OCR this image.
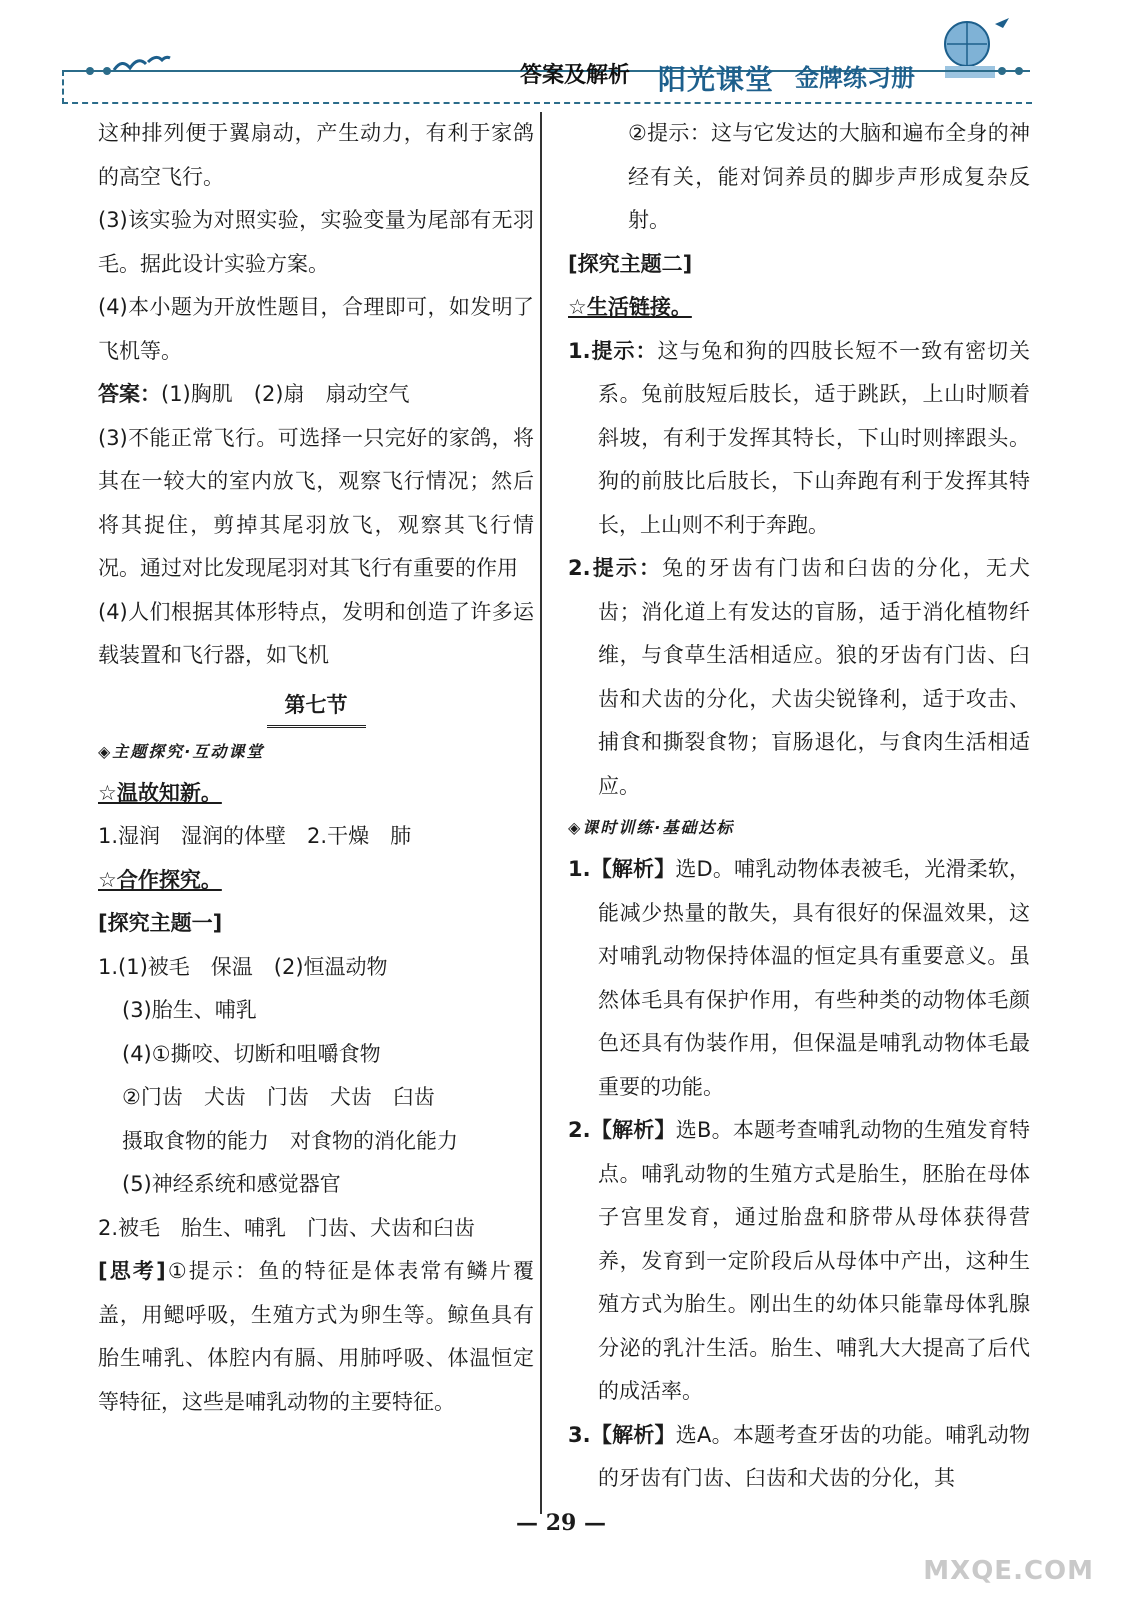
答案及解析 阳光课堂 金牌练习册

这种排列便于翼扇动，产生动力，有利于家鸽的高空飞行。

(3)该实验为对照实验，实验变量为尾部有无羽毛。据此设计实验方案。

(4)本小题为开放性题目，合理即可，如发明了飞机等。

答案：(1)胸肌　(2)扇　扇动空气

(3)不能正常飞行。可选择一只完好的家鸽，将其在一较大的室内放飞，观察飞行情况；然后将其捉住，剪掉其尾羽放飞，观察其飞行情况。通过对比发现尾羽对其飞行有重要的作用

(4)人们根据其体形特点，发明和创造了许多运载装置和飞行器，如飞机

第七节

◈主题探究·互动课堂

☆温故知新。

1.湿润　湿润的体壁　2.干燥　肺

☆合作探究。

[探究主题一]

1.(1)被毛　保温　(2)恒温动物

(3)胎生、哺乳

(4)①撕咬、切断和咀嚼食物

②门齿　犬齿　门齿　犬齿　臼齿

摄取食物的能力　对食物的消化能力

(5)神经系统和感觉器官

2.被毛　胎生、哺乳　门齿、犬齿和臼齿

[思考]①提示：鱼的特征是体表常有鳞片覆盖，用鳃呼吸，生殖方式为卵生等。鲸鱼具有胎生哺乳、体腔内有膈、用肺呼吸、体温恒定等特征，这些是哺乳动物的主要特征。

②提示：这与它发达的大脑和遍布全身的神经有关，能对饲养员的脚步声形成复杂反射。

[探究主题二]

☆生活链接。

1.提示：这与兔和狗的四肢长短不一致有密切关系。兔前肢短后肢长，适于跳跃，上山时顺着斜坡，有利于发挥其特长，下山时则摔跟头。狗的前肢比后肢长，下山奔跑有利于发挥其特长，上山则不利于奔跑。

2.提示：兔的牙齿有门齿和臼齿的分化，无犬齿；消化道上有发达的盲肠，适于消化植物纤维，与食草生活相适应。狼的牙齿有门齿、臼齿和犬齿的分化，犬齿尖锐锋利，适于攻击、捕食和撕裂食物；盲肠退化，与食肉生活相适应。

◈课时训练·基础达标

1.【解析】选D。哺乳动物体表被毛，光滑柔软，能减少热量的散失，具有很好的保温效果，这对哺乳动物保持体温的恒定具有重要意义。虽然体毛具有保护作用，有些种类的动物体毛颜色还具有伪装作用，但保温是哺乳动物体毛最重要的功能。

2.【解析】选B。本题考查哺乳动物的生殖发育特点。哺乳动物的生殖方式是胎生，胚胎在母体子宫里发育，通过胎盘和脐带从母体获得营养，发育到一定阶段后从母体中产出，这种生殖方式为胎生。刚出生的幼体只能靠母体乳腺分泌的乳汁生活。胎生、哺乳大大提高了后代的成活率。

3.【解析】选A。本题考查牙齿的功能。哺乳动物的牙齿有门齿、臼齿和犬齿的分化，其

— 29 —
MXQE.COM
